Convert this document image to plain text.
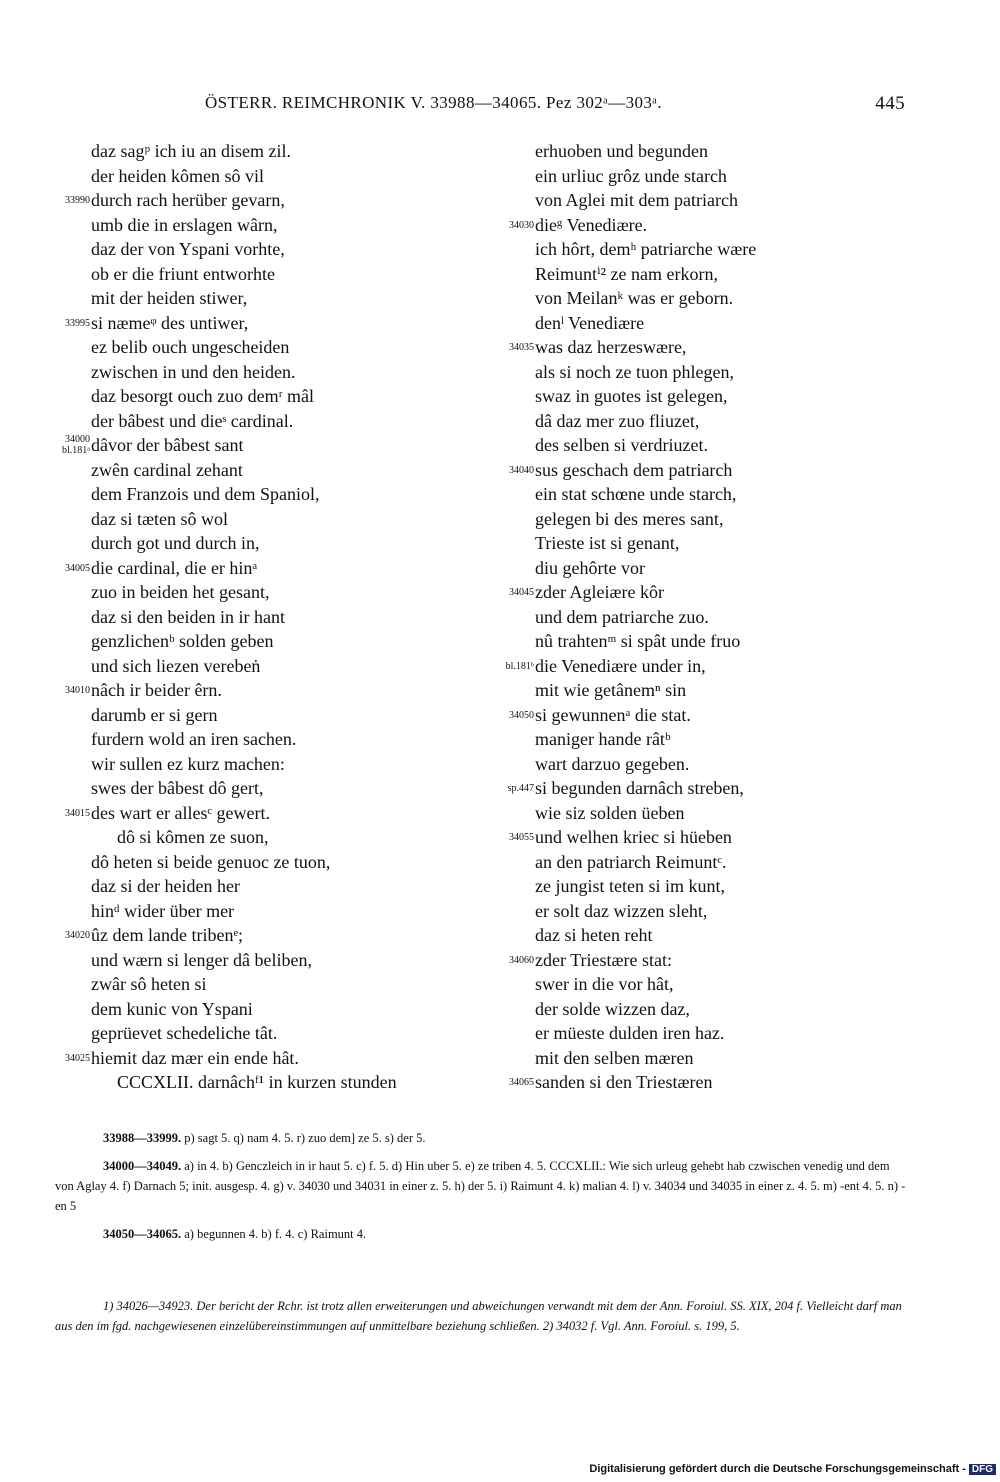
ÖSTERR. REIMCHRONIK V. 33988—34065. Pez 302ᵃ—303ᵃ.	445
daz sagᵖ ich iu an disem zil.
der heiden kômen sô vil
33990 durch rach herüber gevarn,
umb die in erslagen wârn,
daz der von Yspani vorhte,
ob er die friunt entworhte
mit der heiden stiwer,
33995 si næmeᵠ des untiwer,
ez belib ouch ungescheiden
zwischen in und den heiden.
daz besorgt ouch zuo demʳ mâl
der bâbest und dieˢ cardinal.
34000
bl.181ᵃ dâvor der bâbest sant
zwên cardinal zehant
dem Franzois und dem Spaniol,
daz si tæten sô wol
durch got und durch in,
34005 die cardinal, die er hinᵃ
zuo in beiden het gesant,
daz si den beiden in ir hant
genzlichenᵇ solden geben
und sich liezen verebeṅ
34010 nâch ir beider êrn.
darumb er si gern
furdern wold an iren sachen.
wir sullen ez kurz machen:
swes der bâbest dô gert,
34015 des wart er allesᶜ gewert.
dô si kômen ze suon,
dô heten si beide genuoc ze tuon,
daz si der heiden her
hinᵈ wider über mer
34020 ûz dem lande tribenᵉ;
und wærn si lenger dâ beliben,
zwâr sô heten si
dem kunic von Yspani
geprüevet schedeliche tât.
34025 hiemit daz mær ein ende hât.
CCCXLII. darnâchᶠ¹ in kurzen stunden
erhuoben und begunden
ein urliuc grôz unde starch
von Aglei mit dem patriarch
34030 dieᵍ Venediære.
ich hôrt, demʰ patriarche wære
Reimuntⁱ² ze nam erkorn,
von Meilanᵏ was er geborn.
denˡ Venediære
34035 was daz herzeswære,
als si noch ze tuon phlegen,
swaz in guotes ist gelegen,
dâ daz mer zuo fliuzet,
des selben si verdriuzet.
34040 sus geschach dem patriarch
ein stat schœne unde starch,
gelegen bi des meres sant,
Trieste ist si genant,
diu gehôrte vor
34045 zder Agleiære kôr
und dem patriarche zuo.
nû trahtenᵐ si spât unde fruo
bl.181ᵇ die Venediære under in,
mit wie getânemⁿ sin
34050 si gewunnenᵃ die stat.
maniger hande râtᵇ
wart darzuo gegeben.
sp.447 si begunden darnâch streben,
wie siz solden üeben
34055 und welhen kriec si hüeben
an den patriarch Reimuntᶜ.
ze jungist teten si im kunt,
er solt daz wizzen sleht,
daz si heten reht
34060 zder Triestære stat:
swer in die vor hât,
der solde wizzen daz,
er müeste dulden iren haz.
mit den selben mæren
34065 sanden si den Triestæren

33988—33999. p) sagt 5. q) nam 4. 5. r) zuo dem] ze 5. s) der 5.

34000—34049. a) in 4. b) Genczleich in ir haut 5. c) f. 5. d) Hin uber 5. e) ze triben 4. 5. CCCXLII.: Wie sich urleug gehebt hab czwischen venedig und dem von Aglay 4. f) Darnach 5; init. ausgesp. 4. g) v. 34030 und 34031 in einer z. 5. h) der 5. i) Raimunt 4. k) malian 4. l) v. 34034 und 34035 in einer z. 4. 5. m) -ent 4. 5. n) -en 5

34050—34065. a) begunnen 4. b) f. 4. c) Raimunt 4.

1) 34026—34923. Der bericht der Rchr. ist trotz allen erweiterungen und abweichungen verwandt mit dem der Ann. Foroiul. SS. XIX, 204 f. Vielleicht darf man aus den im fgd. nachgewiesenen einzelübereinstimmungen auf unmittelbare beziehung schließen. 2) 34032 f. Vgl. Ann. Foroiul. s. 199, 5.

Digitalisierung gefördert durch die Deutsche Forschungsgemeinschaft - DFG
